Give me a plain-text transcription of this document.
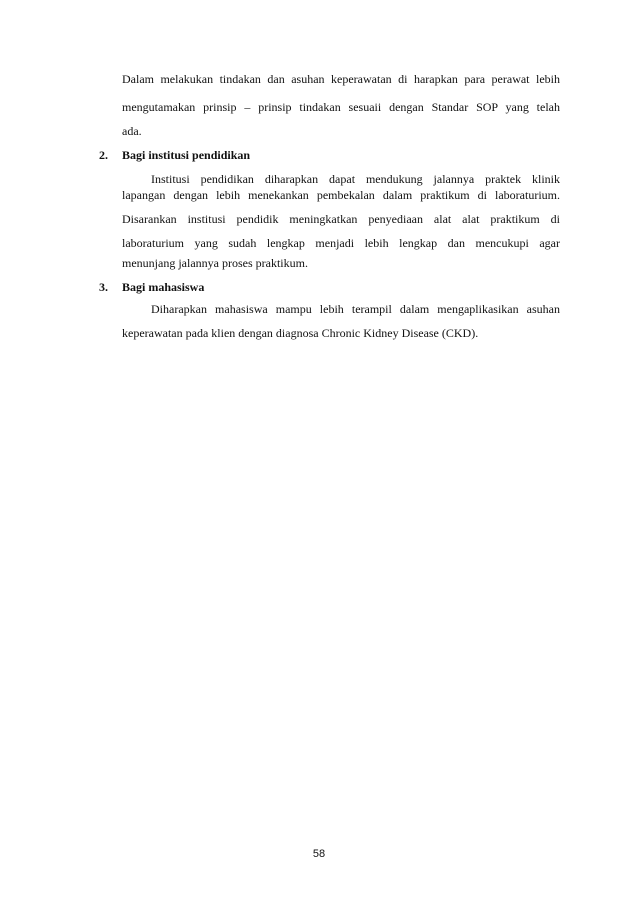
Dalam melakukan tindakan dan asuhan keperawatan di harapkan para perawat lebih
mengutamakan prinsip – prinsip tindakan sesuaii dengan Standar SOP yang telah
ada.
2. Bagi institusi pendidikan
Institusi pendidikan diharapkan dapat mendukung jalannya praktek klinik
lapangan dengan lebih menekankan pembekalan dalam praktikum di laboraturium.
Disarankan institusi pendidik meningkatkan penyediaan alat alat praktikum di
laboraturium yang sudah lengkap menjadi lebih lengkap dan mencukupi agar
menunjang jalannya proses praktikum.
3. Bagi mahasiswa
Diharapkan mahasiswa mampu lebih terampil dalam mengaplikasikan asuhan
keperawatan pada klien dengan diagnosa Chronic Kidney Disease (CKD).
58
